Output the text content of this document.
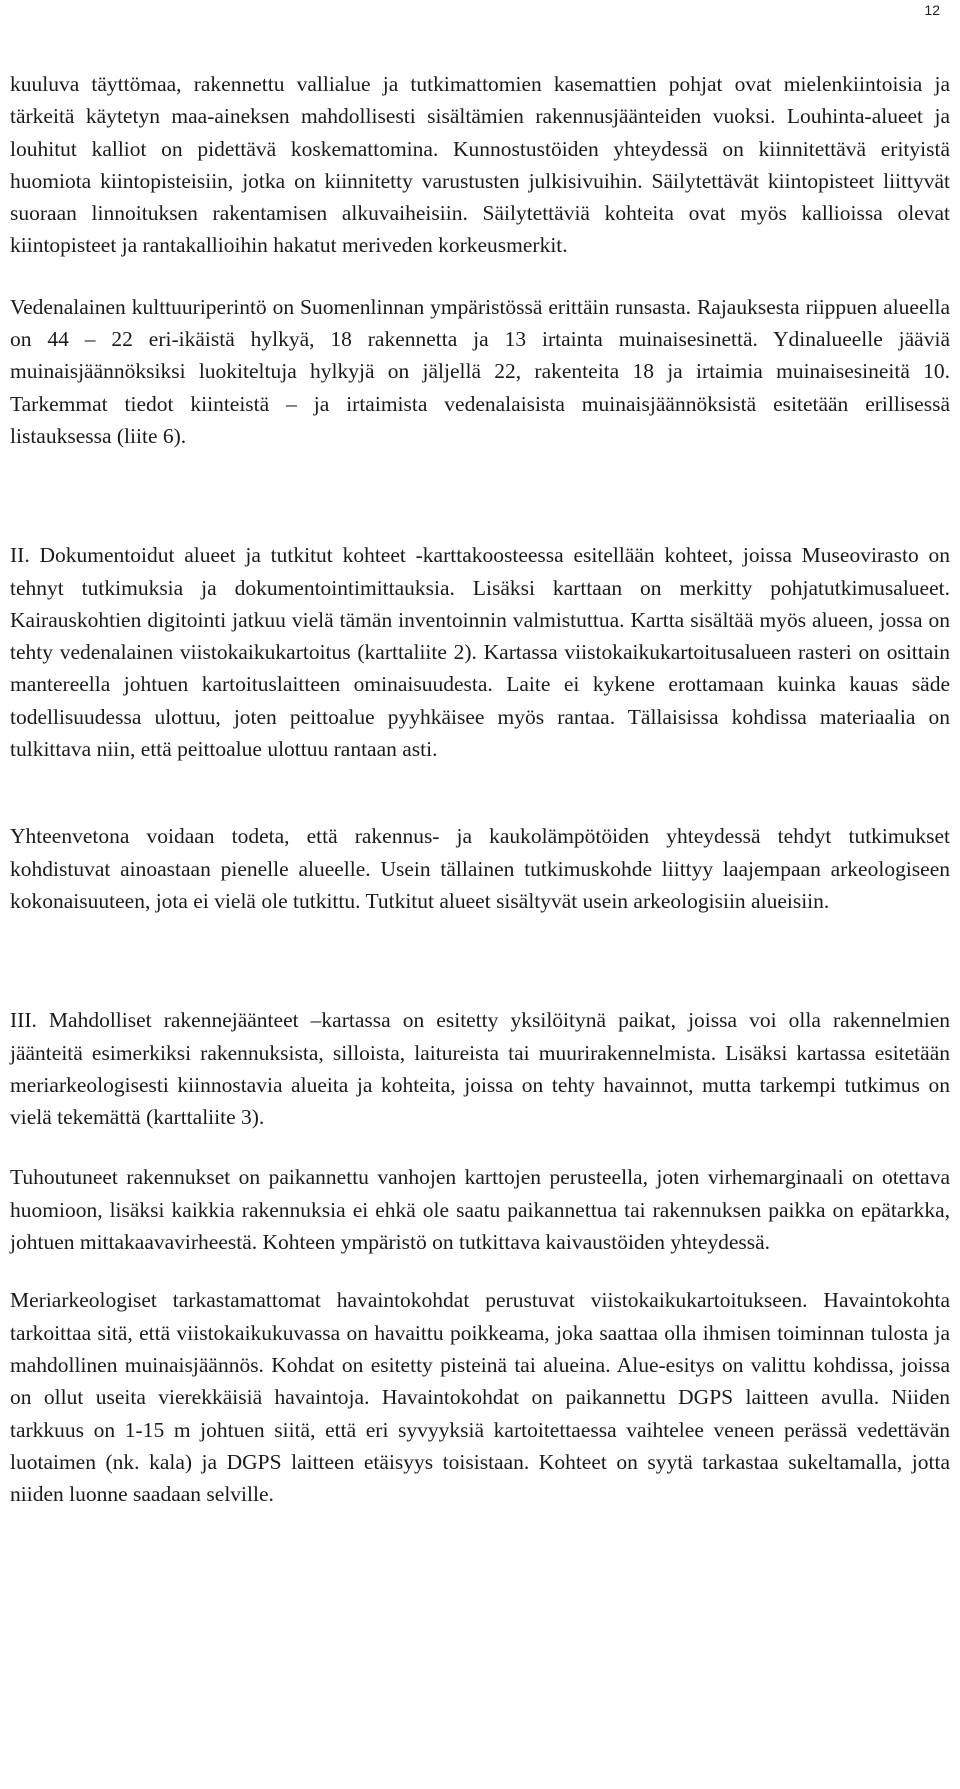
12

kuuluva täyttömaa, rakennettu vallialue ja tutkimattomien kasemattien pohjat ovat mielenkiintoisia ja tärkeitä käytetyn maa-aineksen mahdollisesti sisältämien rakennusjäänteiden vuoksi. Louhinta-alueet ja louhitut kalliot on pidettävä koskemattomina. Kunnostustöiden yhteydessä on kiinnitettävä erityistä huomiota kiintopisteisiin, jotka on kiinnitetty varustusten julkisivuihin. Säilytettävät kiintopisteet liittyvät suoraan linnoituksen rakentamisen alkuvaiheisiin. Säilytettäviä kohteita ovat myös kallioissa olevat kiintopisteet ja rantakallioihin hakatut meriveden korkeusmerkit.

Vedenalainen kulttuuriperintö on Suomenlinnan ympäristössä erittäin runsasta. Rajauksesta riippuen alueella on 44 – 22 eri-ikäistä hylkyä, 18 rakennetta ja 13 irtainta muinaisesinettä. Ydinalueelle jääviä muinaisjäännöksiksi luokiteltuja hylkyjä on jäljellä 22, rakenteita 18 ja irtaimia muinaisesineitä 10. Tarkemmat tiedot kiinteistä – ja irtaimista vedenalaisista muinaisjäännöksistä esitetään erillisessä listauksessa (liite 6).

II. Dokumentoidut alueet ja tutkitut kohteet -karttakoosteessa esitellään kohteet, joissa Museovirasto on tehnyt tutkimuksia ja dokumentointimittauksia. Lisäksi karttaan on merkitty pohjatutkimusalueet. Kairauskohtien digitointi jatkuu vielä tämän inventoinnin valmistuttua. Kartta sisältää myös alueen, jossa on tehty vedenalainen viistokaikukartoitus (karttaliite 2). Kartassa viistokaikukartoitusalueen rasteri on osittain mantereella johtuen kartoituslaitteen ominaisuudesta. Laite ei kykene erottamaan kuinka kauas säde todellisuudessa ulottuu, joten peittoalue pyyhkäisee myös rantaa. Tällaisissa kohdissa materiaalia on tulkittava niin, että peittoalue ulottuu rantaan asti.

Yhteenvetona voidaan todeta, että rakennus- ja kaukolämpötöiden yhteydessä tehdyt tutkimukset kohdistuvat ainoastaan pienelle alueelle. Usein tällainen tutkimuskohde liittyy laajempaan arkeologiseen kokonaisuuteen, jota ei vielä ole tutkittu. Tutkitut alueet sisältyvät usein arkeologisiin alueisiin.

III. Mahdolliset rakennejäänteet –kartassa on esitetty yksilöitynä paikat, joissa voi olla rakennelmien jäänteitä esimerkiksi rakennuksista, silloista, laitureista tai muurirakennelmista. Lisäksi kartassa esitetään meriarkeologisesti kiinnostavia alueita ja kohteita, joissa on tehty havainnot, mutta tarkempi tutkimus on vielä tekemättä (karttaliite 3).

Tuhoutuneet rakennukset on paikannettu vanhojen karttojen perusteella, joten virhemarginaali on otettava huomioon, lisäksi kaikkia rakennuksia ei ehkä ole saatu paikannettua tai rakennuksen paikka on epätarkka, johtuen mittakaavavirheestä. Kohteen ympäristö on tutkittava kaivaustöiden yhteydessä.

Meriarkeologiset tarkastamattomat havaintokohdat perustuvat viistokaikukartoitukseen. Havaintokohta tarkoittaa sitä, että viistokaikukuvassa on havaittu poikkeama, joka saattaa olla ihmisen toiminnan tulosta ja mahdollinen muinaisjäännös. Kohdat on esitetty pisteinä tai alueina. Alue-esitys on valittu kohdissa, joissa on ollut useita vierekkäisiä havaintoja. Havaintokohdat on paikannettu DGPS laitteen avulla. Niiden tarkkuus on 1-15 m johtuen siitä, että eri syvyyksiä kartoitettaessa vaihtelee veneen perässä vedettävän luotaimen (nk. kala) ja DGPS laitteen etäisyys toisistaan. Kohteet on syytä tarkastaa sukeltamalla, jotta niiden luonne saadaan selville.
